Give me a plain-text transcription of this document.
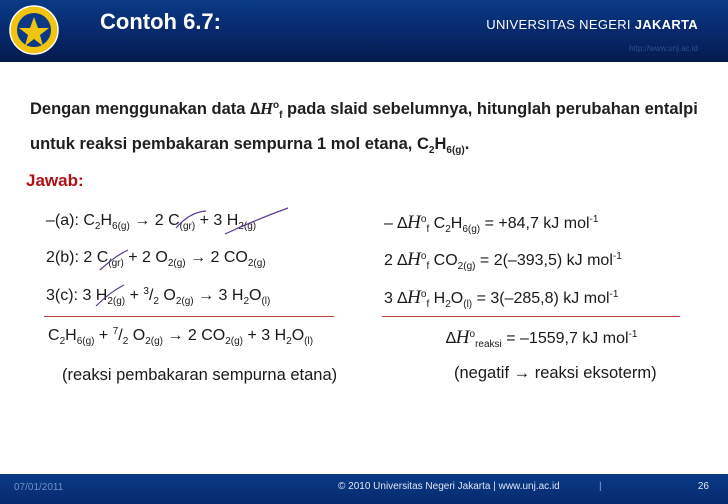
Contoh 6.7:	UNIVERSITAS NEGERI JAKARTA
http://www.unj.ac.id
Dengan menggunakan data $\Delta H^o_f$ pada slaid sebelumnya, hitunglah perubahan entalpi
untuk reaksi pembakaran sempurna 1 mol etana, $C_2H_{6(g)}$.
Jawab:
–(a): $C_2H_{6(g)} \to 2$ $C_{(gr)} + 3$ $H_{2(g)}$	– $\Delta H^o_f$ $C_2H_{6(g)} = +84,7$ kJ mol$^{-1}$
2(b): 2 $C_{(gr)} + 2$ $O_{2(g)} \to 2$ $CO_{2(g)}$	2 $\Delta H^o_f$ $CO_{2(g)} = 2(-393,5)$ kJ mol$^{-1}$
3(c): 3 $H_{2(g)} + ^3/_2$ $O_{2(g)} \to 3$ $H_2O_{(l)}$	3 $\Delta H^o_f$ $H_2O_{(l)} = 3(-285,8)$ kJ mol$^{-1}$
$C_2H_{6(g)} + ^7/_2$ $O_{2(g)} \to 2$ $CO_{2(g)} + 3$ $H_2O_{(l)}$	$\Delta H^o_{reaksi} = -1559,7$ kJ mol$^{-1}$
(reaksi pembakaran sempurna etana)	(negatif → reaksi eksoterm)
07/01/2011	© 2010 Universitas Negeri Jakarta | www.unj.ac.id	|	26
